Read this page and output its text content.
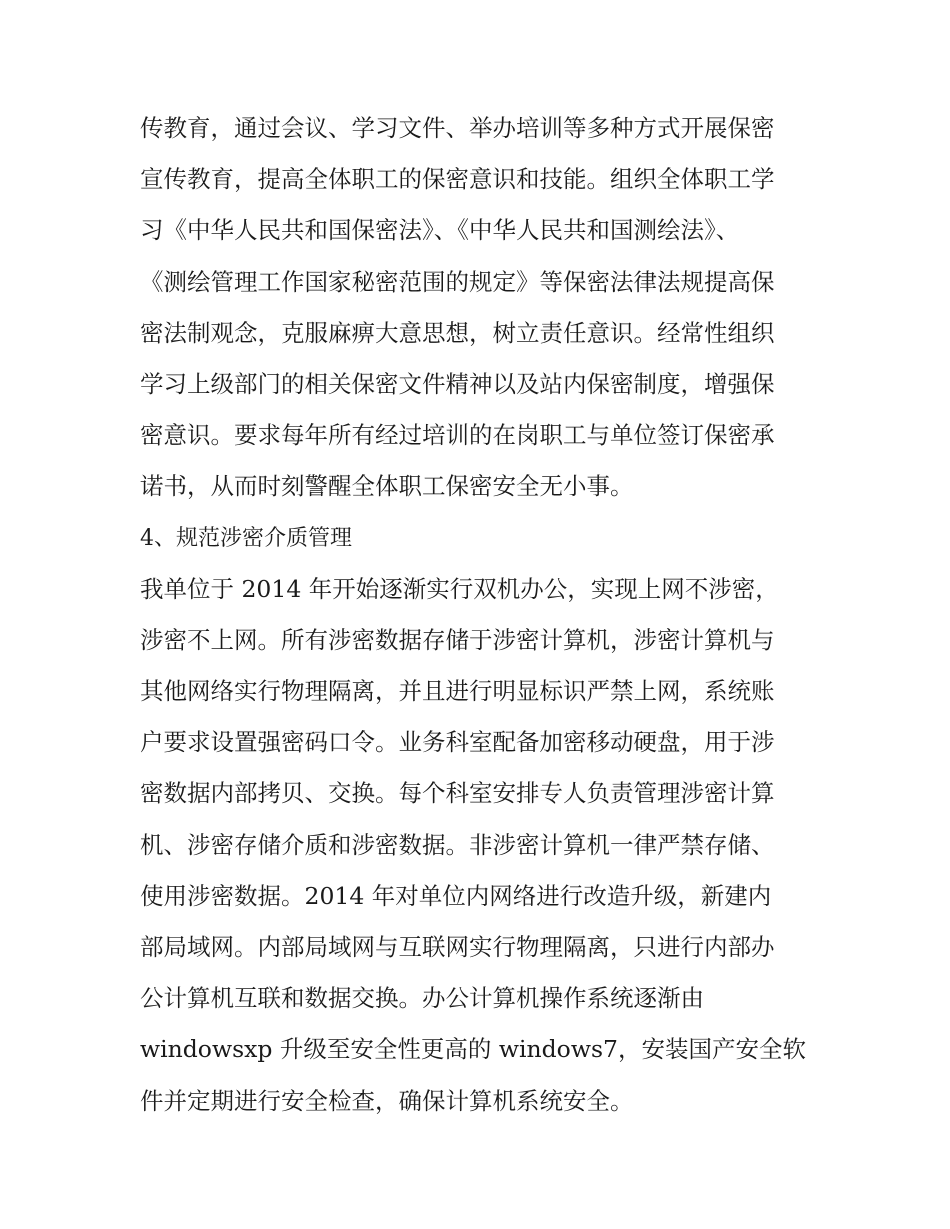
传教育，通过会议、学习文件、举办培训等多种方式开展保密
宣传教育，提高全体职工的保密意识和技能。组织全体职工学
习《中华人民共和国保密法》、《中华人民共和国测绘法》、
《测绘管理工作国家秘密范围的规定》等保密法律法规提高保
密法制观念，克服麻痹大意思想，树立责任意识。经常性组织
学习上级部门的相关保密文件精神以及站内保密制度，增强保
密意识。要求每年所有经过培训的在岗职工与单位签订保密承
诺书，从而时刻警醒全体职工保密安全无小事。
4、规范涉密介质管理
我单位于 2014 年开始逐渐实行双机办公，实现上网不涉密，
涉密不上网。所有涉密数据存储于涉密计算机，涉密计算机与
其他网络实行物理隔离，并且进行明显标识严禁上网，系统账
户要求设置强密码口令。业务科室配备加密移动硬盘，用于涉
密数据内部拷贝、交换。每个科室安排专人负责管理涉密计算
机、涉密存储介质和涉密数据。非涉密计算机一律严禁存储、
使用涉密数据。2014 年对单位内网络进行改造升级，新建内
部局域网。内部局域网与互联网实行物理隔离，只进行内部办
公计算机互联和数据交换。办公计算机操作系统逐渐由
windowsxp 升级至安全性更高的 windows7，安装国产安全软
件并定期进行安全检查，确保计算机系统安全。
